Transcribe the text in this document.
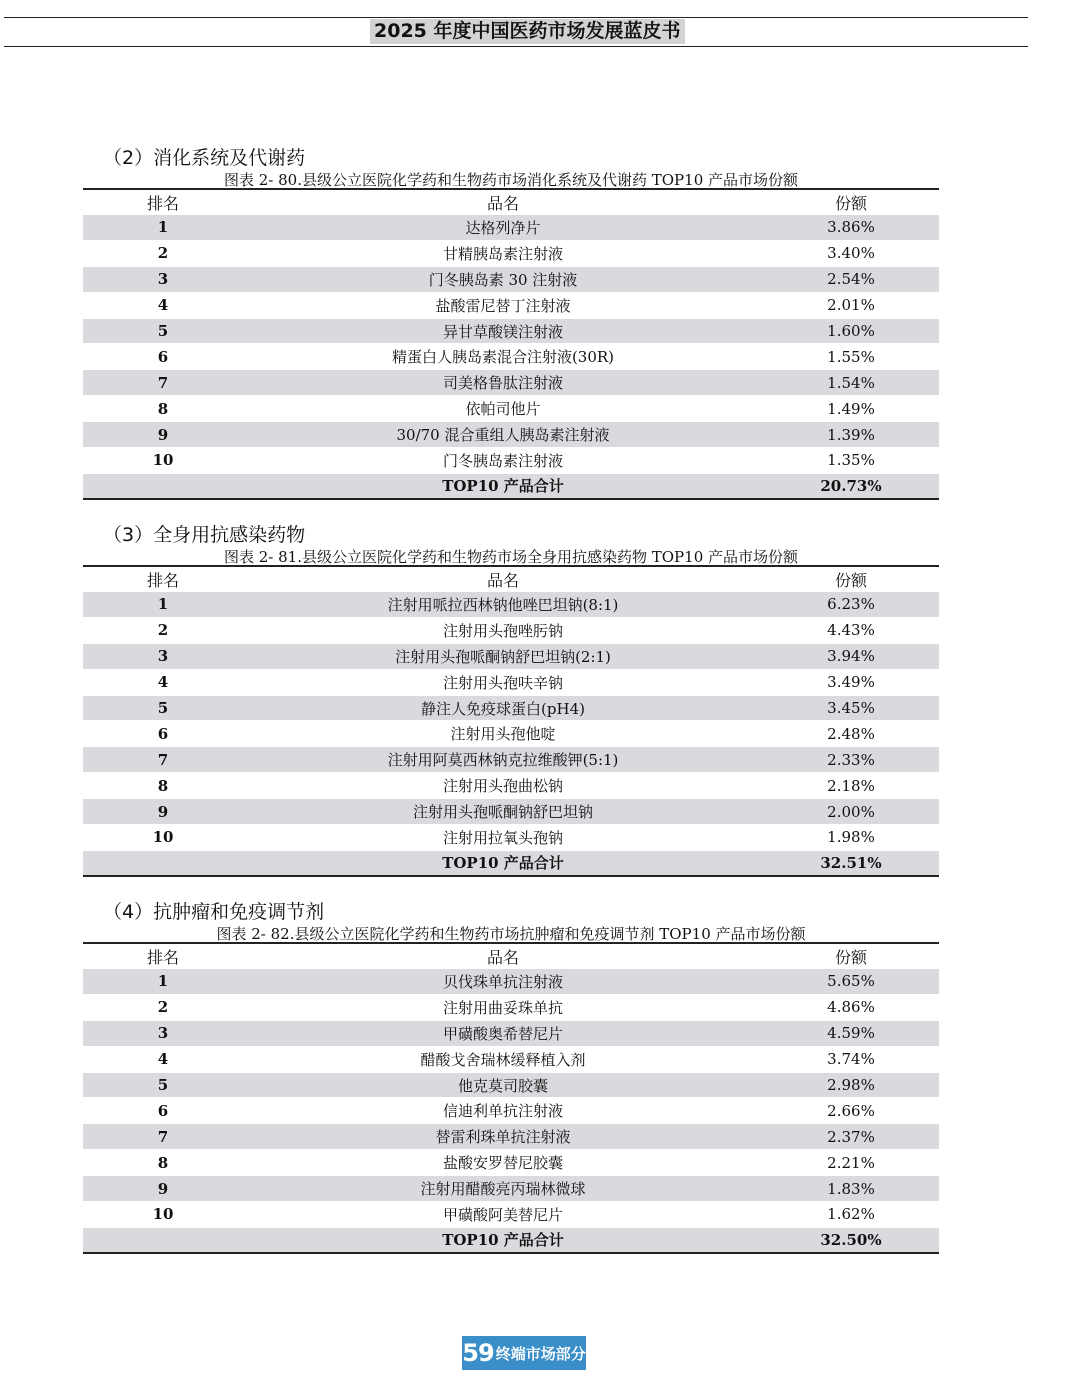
2025 年度中国医药市场发展蓝皮书
（2）消化系统及代谢药
图表 2- 80.县级公立医院化学药和生物药市场消化系统及代谢药 TOP10 产品市场份额
排名	品名	份额
1	达格列净片	3.86%
2	甘精胰岛素注射液	3.40%
3	门冬胰岛素 30 注射液	2.54%
4	盐酸雷尼替丁注射液	2.01%
5	异甘草酸镁注射液	1.60%
6	精蛋白人胰岛素混合注射液(30R)	1.55%
7	司美格鲁肽注射液	1.54%
8	依帕司他片	1.49%
9	30/70 混合重组人胰岛素注射液	1.39%
10	门冬胰岛素注射液	1.35%
	TOP10 产品合计	20.73%
（3）全身用抗感染药物
图表 2- 81.县级公立医院化学药和生物药市场全身用抗感染药物 TOP10 产品市场份额
排名	品名	份额
1	注射用哌拉西林钠他唑巴坦钠(8:1)	6.23%
2	注射用头孢唑肟钠	4.43%
3	注射用头孢哌酮钠舒巴坦钠(2:1)	3.94%
4	注射用头孢呋辛钠	3.49%
5	静注人免疫球蛋白(pH4)	3.45%
6	注射用头孢他啶	2.48%
7	注射用阿莫西林钠克拉维酸钾(5:1)	2.33%
8	注射用头孢曲松钠	2.18%
9	注射用头孢哌酮钠舒巴坦钠	2.00%
10	注射用拉氧头孢钠	1.98%
	TOP10 产品合计	32.51%
（4）抗肿瘤和免疫调节剂
图表 2- 82.县级公立医院化学药和生物药市场抗肿瘤和免疫调节剂 TOP10 产品市场份额
排名	品名	份额
1	贝伐珠单抗注射液	5.65%
2	注射用曲妥珠单抗	4.86%
3	甲磺酸奥希替尼片	4.59%
4	醋酸戈舍瑞林缓释植入剂	3.74%
5	他克莫司胶囊	2.98%
6	信迪利单抗注射液	2.66%
7	替雷利珠单抗注射液	2.37%
8	盐酸安罗替尼胶囊	2.21%
9	注射用醋酸亮丙瑞林微球	1.83%
10	甲磺酸阿美替尼片	1.62%
	TOP10 产品合计	32.50%
59 终端市场部分
